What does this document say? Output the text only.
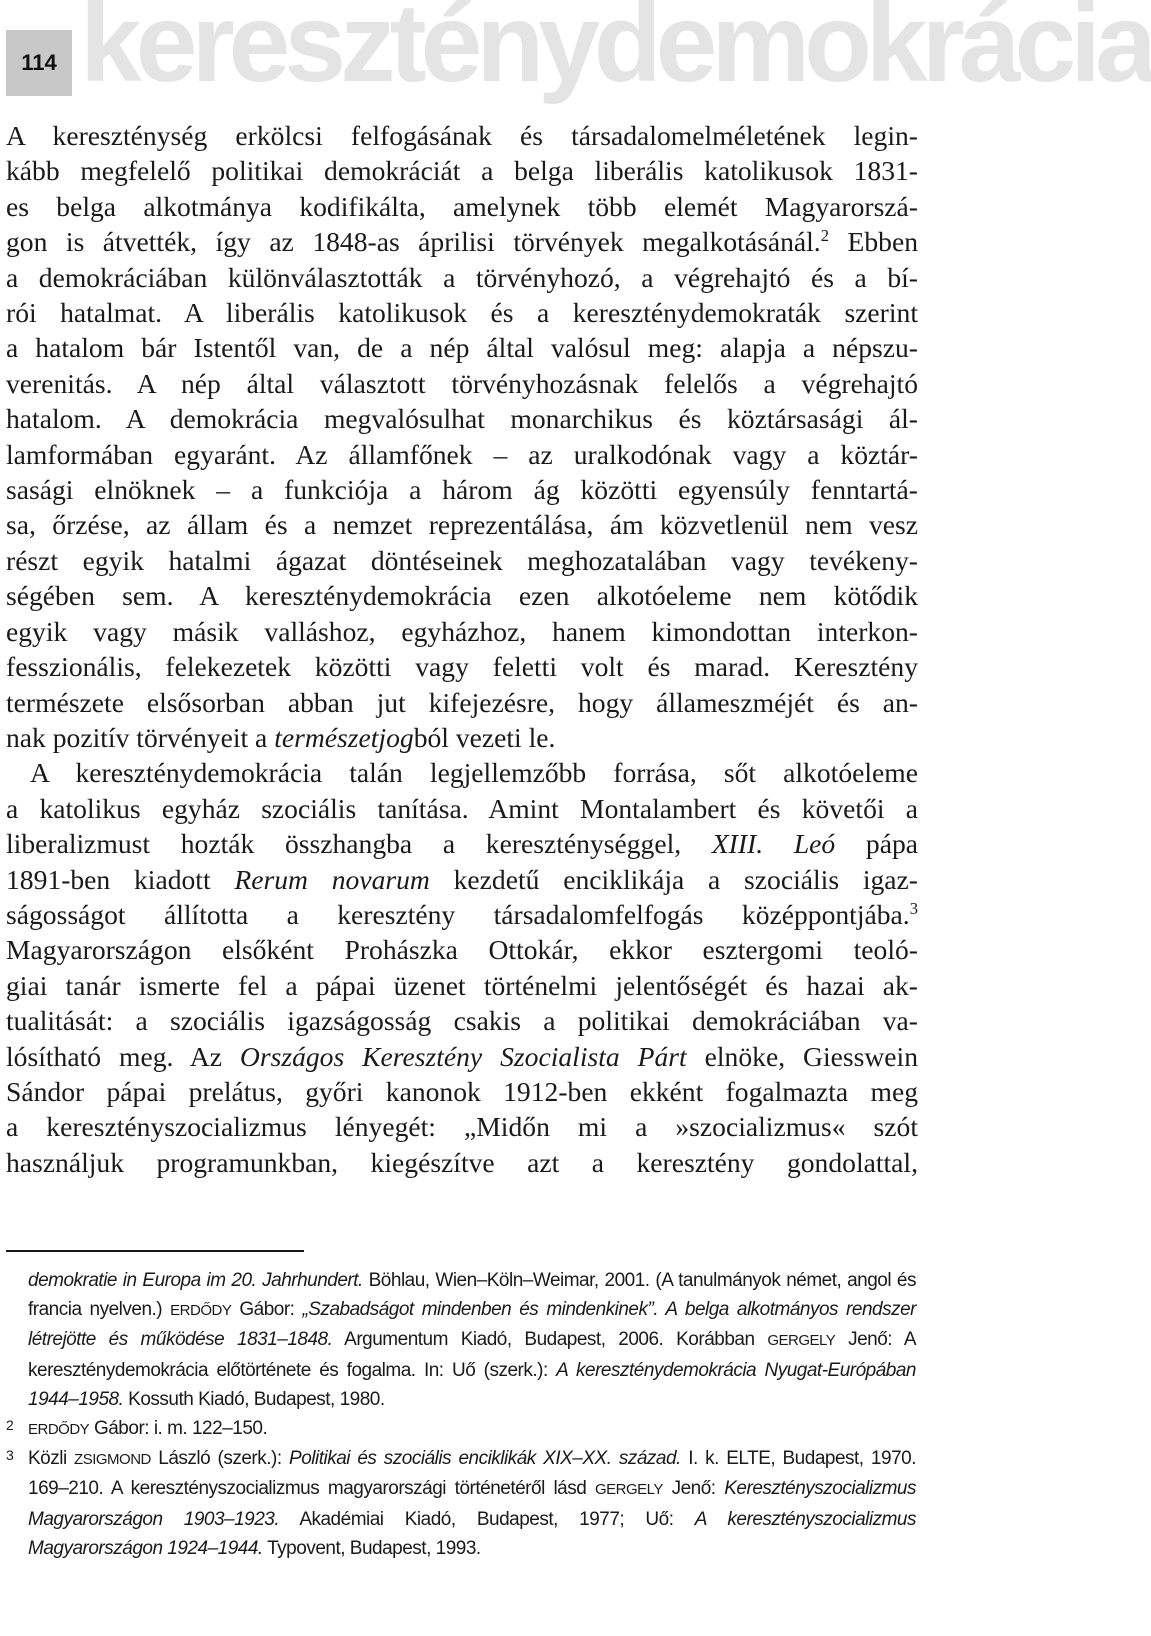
114 kereszténydemokrácia

A kereszténység erkölcsi felfogásának és társadalomelméletének legin-
kább megfelelő politikai demokráciát a belga liberális katolikusok 1831-
es belga alkotmánya kodifikálta, amelynek több elemét Magyarorszá-
gon is átvették, így az 1848-as áprilisi törvények megalkotásánál.$^2$ Ebben
a demokráciában különválasztották a törvényhozó, a végrehajtó és a bí-
rói hatalmat. A liberális katolikusok és a kereszténydemokraták szerint
a hatalom bár Istentől van, de a nép által valósul meg: alapja a népszu-
verenitás. A nép által választott törvényhozásnak felelős a végrehajtó
hatalom. A demokrácia megvalósulhat monarchikus és köztársasági ál-
lamformában egyaránt. Az államfőnek – az uralkodónak vagy a köztár-
sasági elnöknek – a funkciója a három ág közötti egyensúly fenntartá-
sa, őrzése, az állam és a nemzet reprezentálása, ám közvetlenül nem vesz
részt egyik hatalmi ágazat döntéseinek meghozatalában vagy tevékeny-
ségében sem. A kereszténydemokrácia ezen alkotóeleme nem kötődik
egyik vagy másik valláshoz, egyházhoz, hanem kimondottan interkon-
fesszionális, felekezetek közötti vagy feletti volt és marad. Keresztény
természete elsősorban abban jut kifejezésre, hogy állameszméjét és an-
nak pozitív törvényeit a természetjogból vezeti le.

A kereszténydemokrácia talán legjellemzőbb forrása, sőt alkotóeleme
a katolikus egyház szociális tanítása. Amint Montalambert és követői a
liberalizmust hozták összhangba a kereszténységgel, XIII. Leó pápa
1891-ben kiadott Rerum novarum kezdetű enciklikája a szociális igaz-
ságosságot állította a keresztény társadalomfelfogás középpontjába.$^3$
Magyarországon elsőként Prohászka Ottokár, ekkor esztergomi teoló-
giai tanár ismerte fel a pápai üzenet történelmi jelentőségét és hazai ak-
tualitását: a szociális igazságosság csakis a politikai demokráciában va-
lósítható meg. Az Országos Keresztény Szocialista Párt elnöke, Giesswein
Sándor pápai prelátus, győri kanonok 1912-ben ekként fogalmazta meg
a keresztényszocializmus lényegét: „Midőn mi a »szocializmus« szót
használjuk programunkban, kiegészítve azt a keresztény gondolattal,

demokratie in Europa im 20. Jahrhundert. Böhlau, Wien–Köln–Weimar, 2001. (A tanulmányok német, angol és francia nyelven.) ERDŐDY Gábor: „Szabadságot mindenben és mindenkinek”. A belga alkotmányos rendszer létrejötte és működése 1831–1848. Argumentum Kiadó, Budapest, 2006. Korábban GERGELY Jenő: A kereszténydemokrácia előtörténete és fogalma. In: Uő (szerk.): A kereszténydemokrácia Nyugat-Európában 1944–1958. Kossuth Kiadó, Budapest, 1980.
2 ERDŐDY Gábor: i. m. 122–150.
3 Közli ZSIGMOND László (szerk.): Politikai és szociális enciklikák XIX–XX. század. I. k. ELTE, Budapest, 1970. 169–210. A keresztényszocializmus magyarországi történetéről lásd GERGELY Jenő: Keresztényszocializmus Magyarországon 1903–1923. Akadémiai Kiadó, Budapest, 1977; Uő: A keresztényszocializmus Magyarországon 1924–1944. Typovent, Budapest, 1993.
